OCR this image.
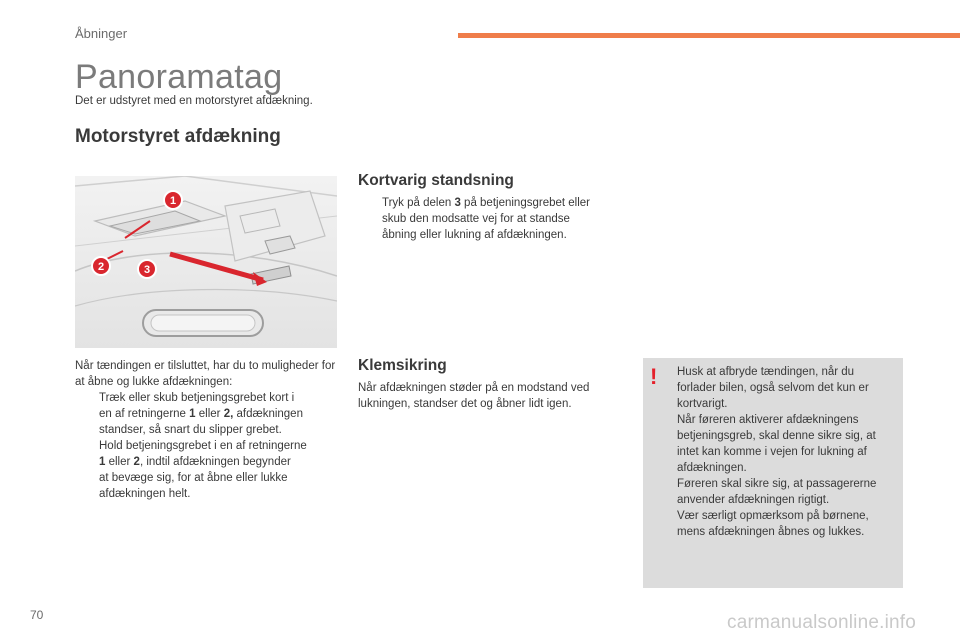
Åbninger
Panoramatag
Det er udstyret med en motorstyret afdækning.
Motorstyret afdækning
1
2	3
Når tændingen er tilsluttet, har du to muligheder for at åbne og lukke afdækningen:
Træk eller skub betjeningsgrebet kort i
en af retningerne 1 eller 2, afdækningen
standser, så snart du slipper grebet.
Hold betjeningsgrebet i en af retningerne
1 eller 2, indtil afdækningen begynder
at bevæge sig, for at åbne eller lukke
afdækningen helt.
Kortvarig standsning
Tryk på delen 3 på betjeningsgrebet eller
skub den modsatte vej for at standse
åbning eller lukning af afdækningen.
Klemsikring
Når afdækningen støder på en modstand ved
lukningen, standser det og åbner lidt igen.
! Husk at afbryde tændingen, når du
forlader bilen, også selvom det kun er
kortvarigt.
Når føreren aktiverer afdækningens
betjeningsgreb, skal denne sikre sig, at
intet kan komme i vejen for lukning af
afdækningen.
Føreren skal sikre sig, at passagererne
anvender afdækningen rigtigt.
Vær særligt opmærksom på børnene,
mens afdækningen åbnes og lukkes.
70	carmanualsonline.info
